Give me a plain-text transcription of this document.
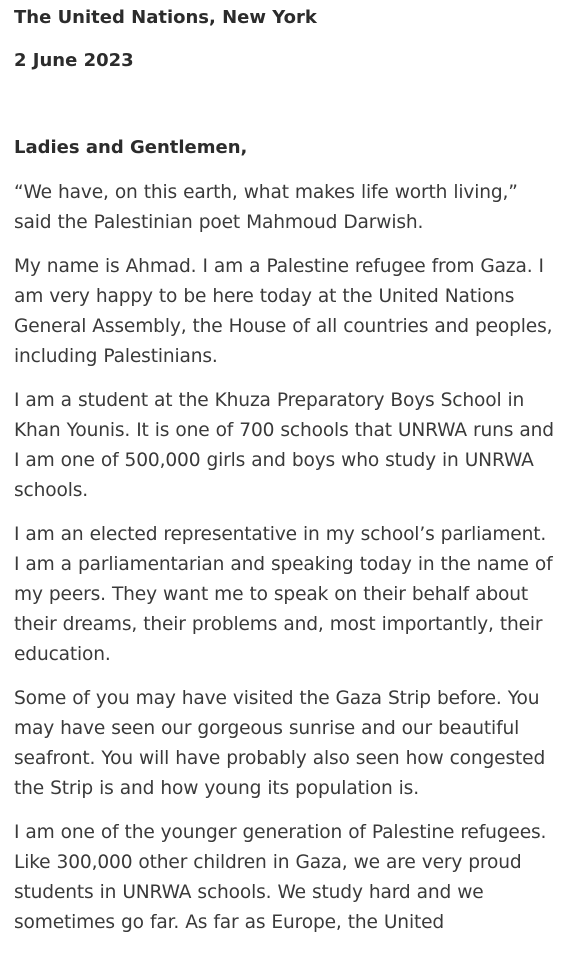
The United Nations, New York

2 June 2023

Ladies and Gentlemen,

“We have, on this earth, what makes life worth living,” said the Palestinian poet Mahmoud Darwish.

My name is Ahmad. I am a Palestine refugee from Gaza. I am very happy to be here today at the United Nations General Assembly, the House of all countries and peoples, including Palestinians.

I am a student at the Khuza Preparatory Boys School in Khan Younis. It is one of 700 schools that UNRWA runs and I am one of 500,000 girls and boys who study in UNRWA schools.

I am an elected representative in my school’s parliament. I am a parliamentarian and speaking today in the name of my peers. They want me to speak on their behalf about their dreams, their problems and, most importantly, their education.

Some of you may have visited the Gaza Strip before. You may have seen our gorgeous sunrise and our beautiful seafront. You will have probably also seen how congested the Strip is and how young its population is.

I am one of the younger generation of Palestine refugees. Like 300,000 other children in Gaza, we are very proud students in UNRWA schools. We study hard and we sometimes go far. As far as Europe, the United
